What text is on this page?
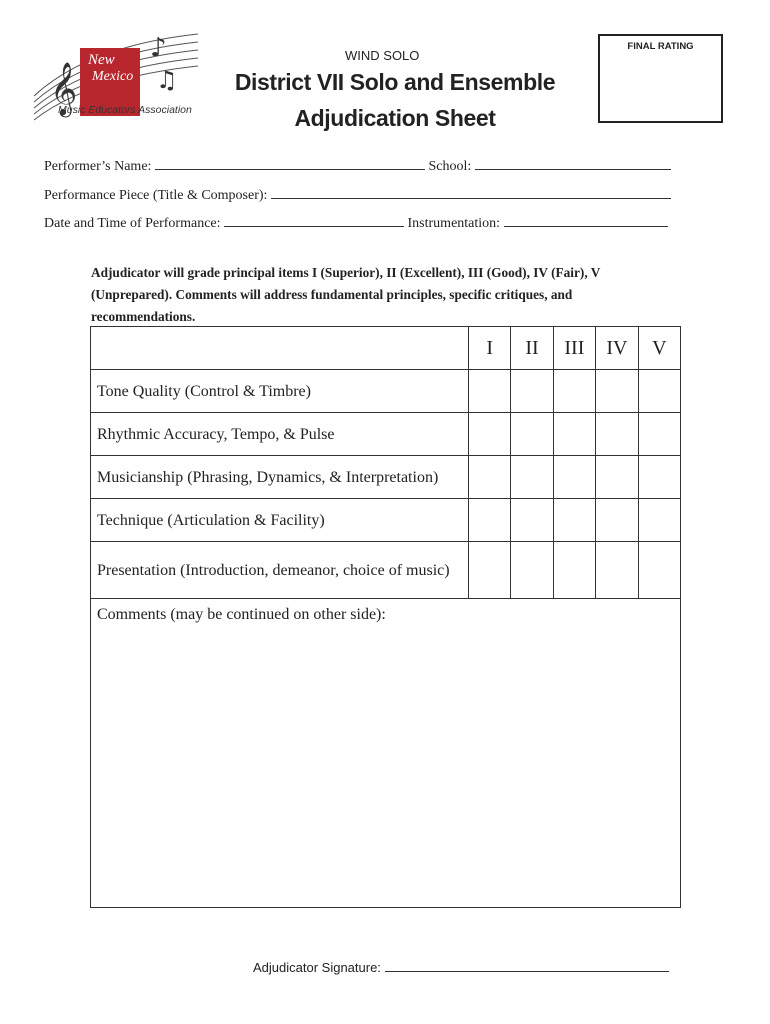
𝄞
♪
♫
New
Mexico
Music Educators Association
WIND SOLO
District VII Solo and Ensemble
Adjudication Sheet
FINAL RATING
Performer’s Name:	School:
Performance Piece (Title & Composer):
Date and Time of Performance:	Instrumentation:
Adjudicator will grade principal items I (Superior), II (Excellent), III (Good), IV (Fair), V (Unprepared). Comments will address fundamental principles, specific critiques, and recommendations.
	I	II	III	IV	V
Tone Quality (Control & Timbre)					
Rhythmic Accuracy, Tempo, & Pulse					
Musicianship (Phrasing, Dynamics, & Interpretation)					
Technique (Articulation & Facility)					
Presentation (Introduction, demeanor, choice of music)					
Comments (may be continued on other side):					
Adjudicator Signature:
